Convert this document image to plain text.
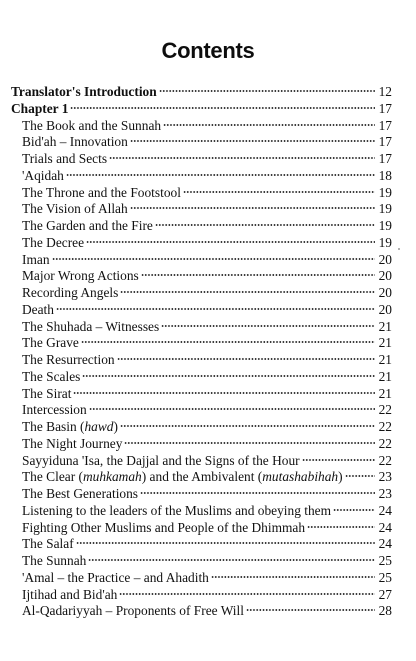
Contents
Translator's Introduction	12
Chapter 1	17
The Book and the Sunnah	17
Bid'ah – Innovation	17
Trials and Sects	17
'Aqidah	18
The Throne and the Footstool	19
The Vision of Allah	19
The Garden and the Fire	19
The Decree	19
Iman	20
Major Wrong Actions	20
Recording Angels	20
Death	20
The Shuhada – Witnesses	21
The Grave	21
The Resurrection	21
The Scales	21
The Sirat	21
Intercession	22
The Basin (hawd)	22
The Night Journey	22
Sayyiduna 'Isa, the Dajjal and the Signs of the Hour	22
The Clear (muhkamah) and the Ambivalent (mutashabihah)	23
The Best Generations	23
Listening to the leaders of the Muslims and obeying them	24
Fighting Other Muslims and People of the Dhimmah	24
The Salaf	24
The Sunnah	25
'Amal – the Practice – and Ahadith	25
Ijtihad and Bid'ah	27
Al-Qadariyyah – Proponents of Free Will	28
